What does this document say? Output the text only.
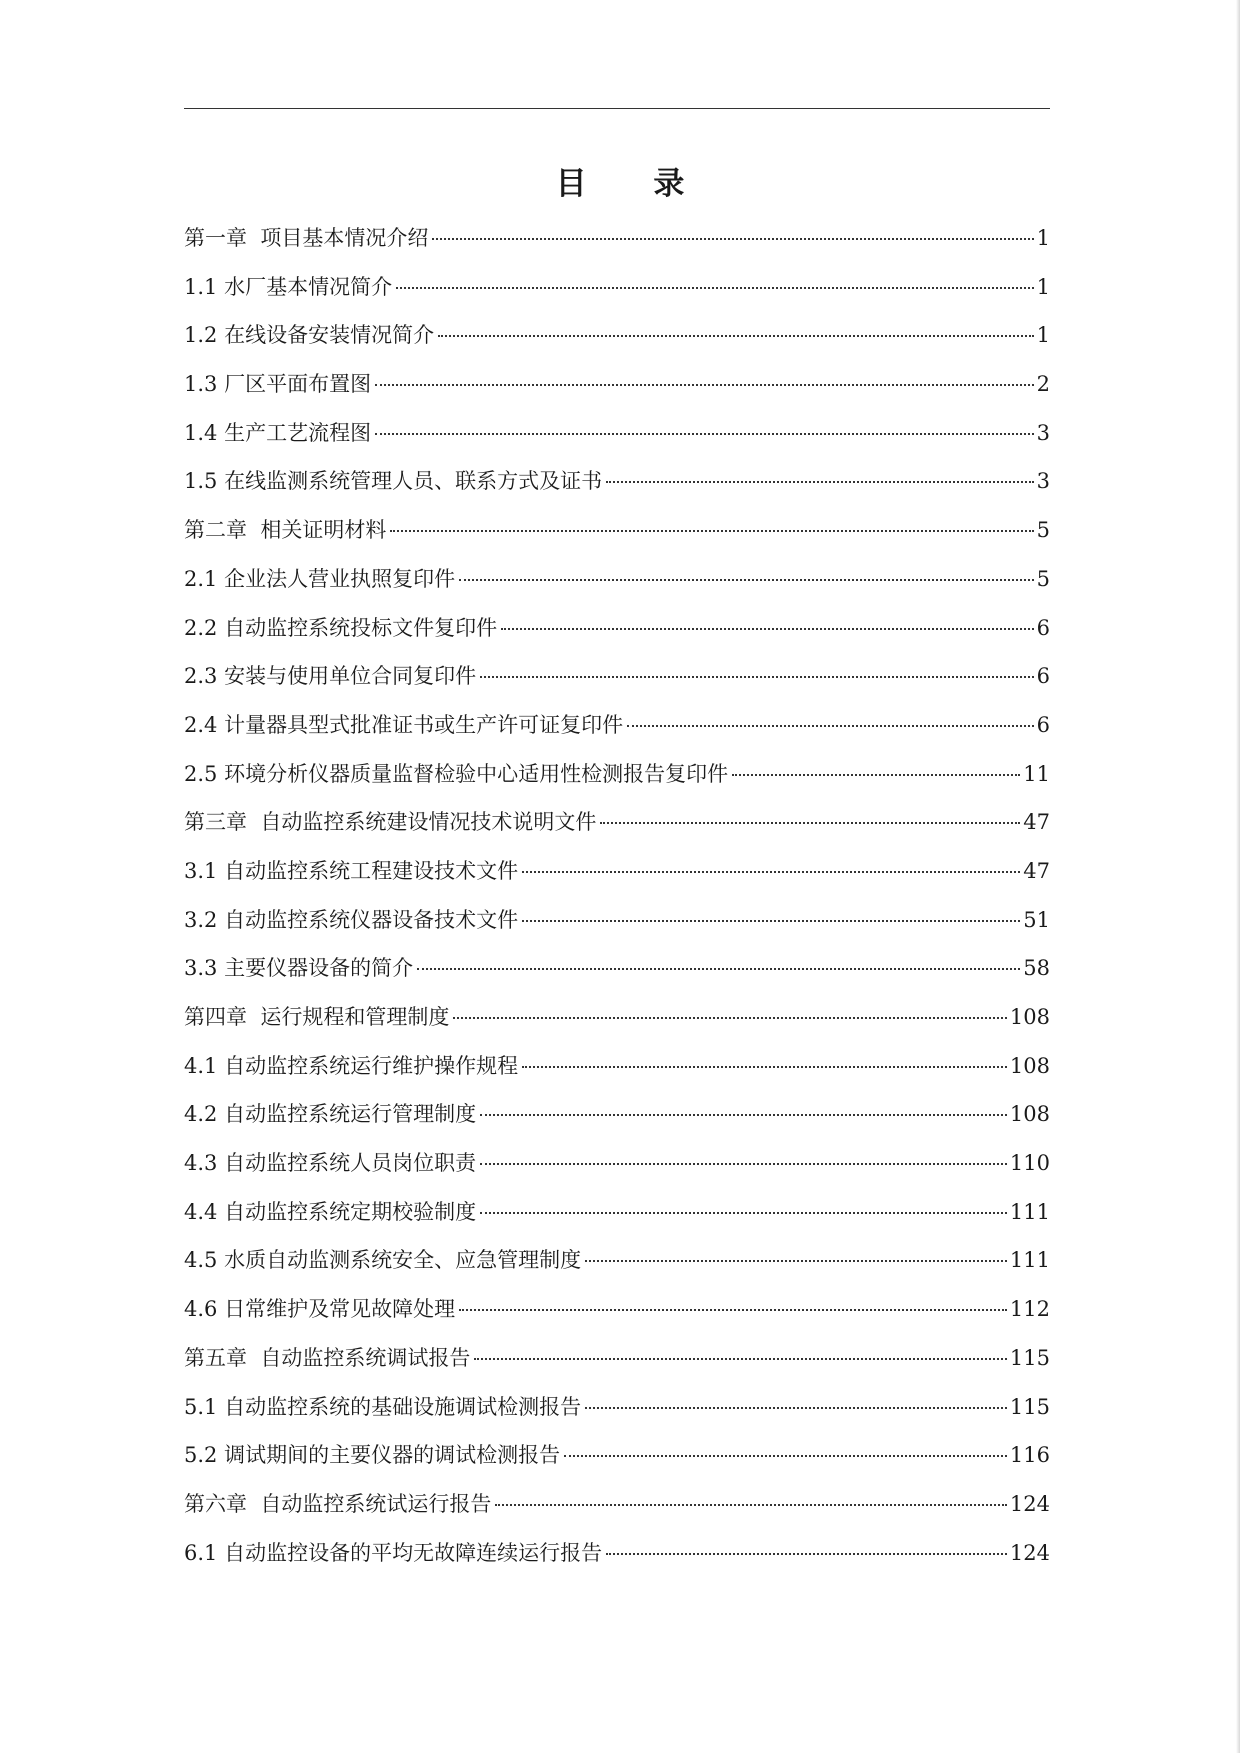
目 录
第一章  项目基本情况介绍	1
1.1 水厂基本情况简介	1
1.2 在线设备安装情况简介	1
1.3 厂区平面布置图	2
1.4 生产工艺流程图	3
1.5 在线监测系统管理人员、联系方式及证书	3
第二章  相关证明材料	5
2.1 企业法人营业执照复印件	5
2.2 自动监控系统投标文件复印件	6
2.3 安装与使用单位合同复印件	6
2.4 计量器具型式批准证书或生产许可证复印件	6
2.5 环境分析仪器质量监督检验中心适用性检测报告复印件	11
第三章  自动监控系统建设情况技术说明文件	47
3.1 自动监控系统工程建设技术文件	47
3.2 自动监控系统仪器设备技术文件	51
3.3 主要仪器设备的简介	58
第四章  运行规程和管理制度	108
4.1 自动监控系统运行维护操作规程	108
4.2 自动监控系统运行管理制度	108
4.3 自动监控系统人员岗位职责	110
4.4 自动监控系统定期校验制度	111
4.5 水质自动监测系统安全、应急管理制度	111
4.6 日常维护及常见故障处理	112
第五章  自动监控系统调试报告	115
5.1 自动监控系统的基础设施调试检测报告	115
5.2 调试期间的主要仪器的调试检测报告	116
第六章  自动监控系统试运行报告	124
6.1 自动监控设备的平均无故障连续运行报告	124
